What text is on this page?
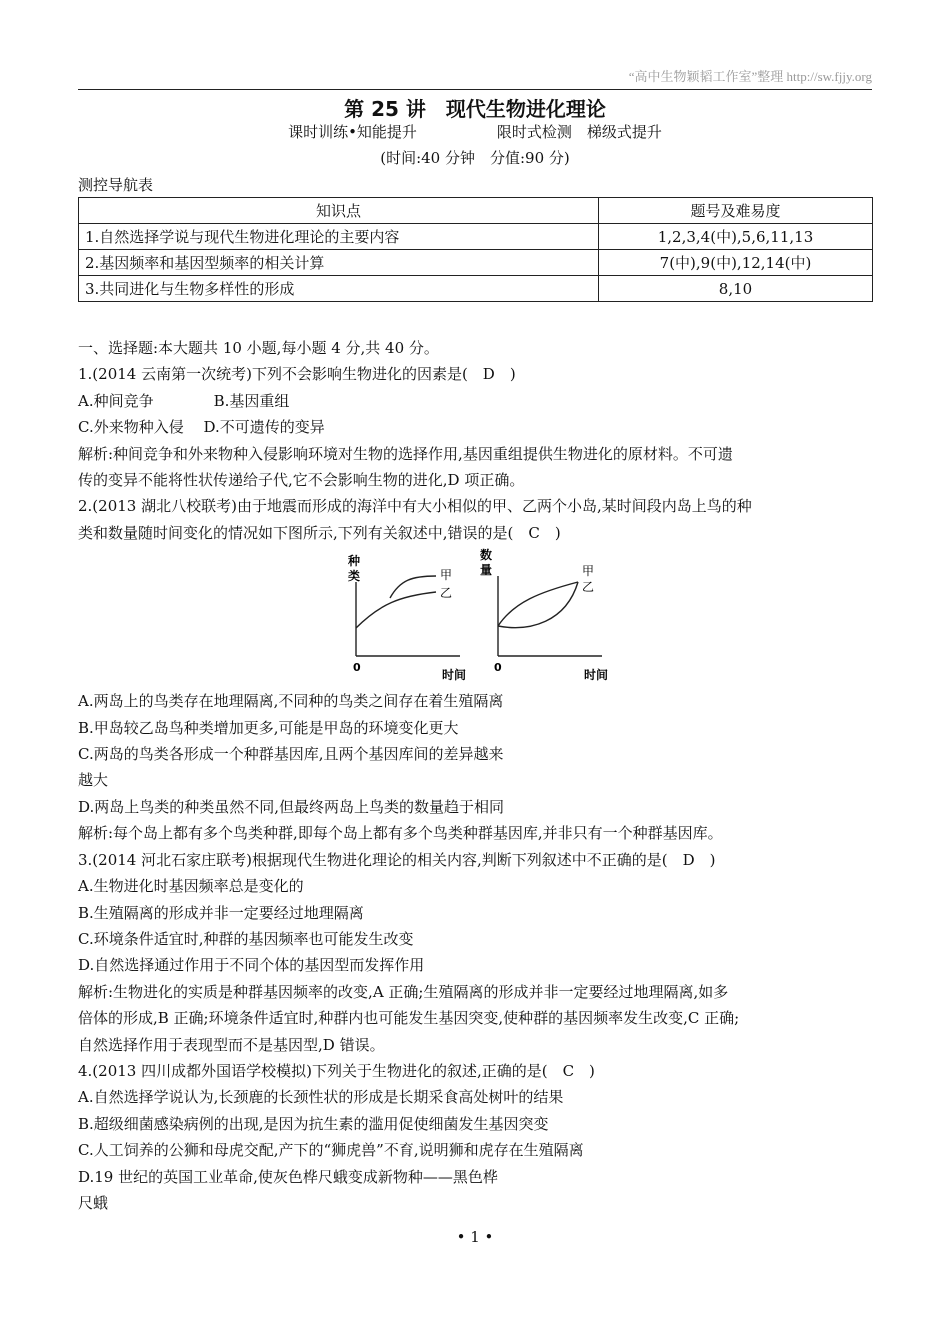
“高中生物颖韬工作室”整理 http://sw.fjjy.org
第 25 讲　现代生物进化理论
课时训练•知能提升	限时式检测　梯级式提升
(时间:40 分钟　分值:90 分)
测控导航表
知识点	题号及难易度
1.自然选择学说与现代生物进化理论的主要内容	1,2,3,4(中),5,6,11,13
2.基因频率和基因型频率的相关计算	7(中),9(中),12,14(中)
3.共同进化与生物多样性的形成	8,10

一、选择题:本大题共 10 小题,每小题 4 分,共 40 分。

1.(2014 云南第一次统考)下列不会影响生物进化的因素是(　D　)

A.种间竞争　　　　B.基因重组

C.外来物种入侵　 D.不可遗传的变异

解析:种间竞争和外来物种入侵影响环境对生物的选择作用,基因重组提供生物进化的原材料。不可遗

传的变异不能将性状传递给子代,它不会影响生物的进化,D 项正确。

2.(2013 湖北八校联考)由于地震而形成的海洋中有大小相似的甲、乙两个小岛,某时间段内岛上鸟的种

类和数量随时间变化的情况如下图所示,下列有关叙述中,错误的是(　C　)

种
类
0
时间
甲
乙
数
量
0
时间
甲
乙

A.两岛上的鸟类存在地理隔离,不同种的鸟类之间存在着生殖隔离

B.甲岛较乙岛鸟种类增加更多,可能是甲岛的环境变化更大

C.两岛的鸟类各形成一个种群基因库,且两个基因库间的差异越来

越大

D.两岛上鸟类的种类虽然不同,但最终两岛上鸟类的数量趋于相同

解析:每个岛上都有多个鸟类种群,即每个岛上都有多个鸟类种群基因库,并非只有一个种群基因库。

3.(2014 河北石家庄联考)根据现代生物进化理论的相关内容,判断下列叙述中不正确的是(　D　)

A.生物进化时基因频率总是变化的

B.生殖隔离的形成并非一定要经过地理隔离

C.环境条件适宜时,种群的基因频率也可能发生改变

D.自然选择通过作用于不同个体的基因型而发挥作用

解析:生物进化的实质是种群基因频率的改变,A 正确;生殖隔离的形成并非一定要经过地理隔离,如多

倍体的形成,B 正确;环境条件适宜时,种群内也可能发生基因突变,使种群的基因频率发生改变,C 正确;

自然选择作用于表现型而不是基因型,D 错误。

4.(2013 四川成都外国语学校模拟)下列关于生物进化的叙述,正确的是(　C　)

A.自然选择学说认为,长颈鹿的长颈性状的形成是长期采食高处树叶的结果

B.超级细菌感染病例的出现,是因为抗生素的滥用促使细菌发生基因突变

C.人工饲养的公狮和母虎交配,产下的“狮虎兽”不育,说明狮和虎存在生殖隔离

D.19 世纪的英国工业革命,使灰色桦尺蛾变成新物种——黑色桦

尺蛾

• 1 •
